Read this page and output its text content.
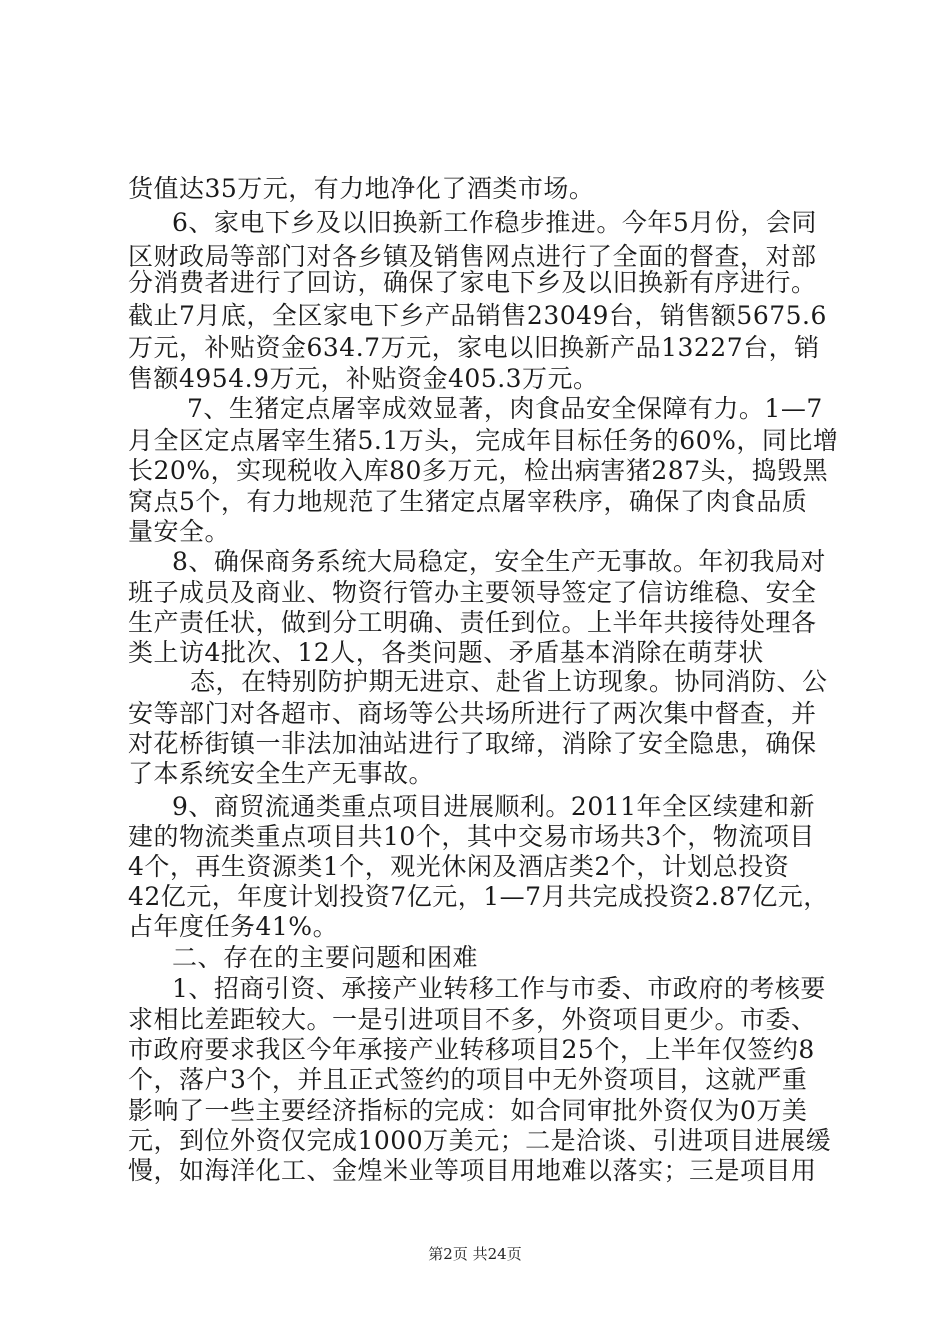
货值达35万元，有力地净化了酒类市场。
6、家电下乡及以旧换新工作稳步推进。今年5月份，会同
区财政局等部门对各乡镇及销售网点进行了全面的督查，对部
分消费者进行了回访，确保了家电下乡及以旧换新有序进行。
截止7月底，全区家电下乡产品销售23049台，销售额5675.6
万元，补贴资金634.7万元，家电以旧换新产品13227台，销
售额4954.9万元，补贴资金405.3万元。
7、生猪定点屠宰成效显著，肉食品安全保障有力。1—7
月全区定点屠宰生猪5.1万头，完成年目标任务的60%，同比增
长20%，实现税收入库80多万元，检出病害猪287头，捣毁黑
窝点5个，有力地规范了生猪定点屠宰秩序，确保了肉食品质
量安全。
8、确保商务系统大局稳定，安全生产无事故。年初我局对
班子成员及商业、物资行管办主要领导签定了信访维稳、安全
生产责任状，做到分工明确、责任到位。上半年共接待处理各
类上访4批次、12人，各类问题、矛盾基本消除在萌芽状
态，在特别防护期无进京、赴省上访现象。协同消防、公
安等部门对各超市、商场等公共场所进行了两次集中督查，并
对花桥街镇一非法加油站进行了取缔，消除了安全隐患，确保
了本系统安全生产无事故。
9、商贸流通类重点项目进展顺利。2011年全区续建和新
建的物流类重点项目共10个，其中交易市场共3个，物流项目
4个，再生资源类1个，观光休闲及酒店类2个，计划总投资
42亿元，年度计划投资7亿元，1—7月共完成投资2.87亿元，
占年度任务41%。
二、存在的主要问题和困难
1、招商引资、承接产业转移工作与市委、市政府的考核要
求相比差距较大。一是引进项目不多，外资项目更少。市委、
市政府要求我区今年承接产业转移项目25个，上半年仅签约8
个，落户3个，并且正式签约的项目中无外资项目，这就严重
影响了一些主要经济指标的完成：如合同审批外资仅为0万美
元，到位外资仅完成1000万美元；二是洽谈、引进项目进展缓
慢，如海洋化工、金煌米业等项目用地难以落实；三是项目用
第2页 共24页
